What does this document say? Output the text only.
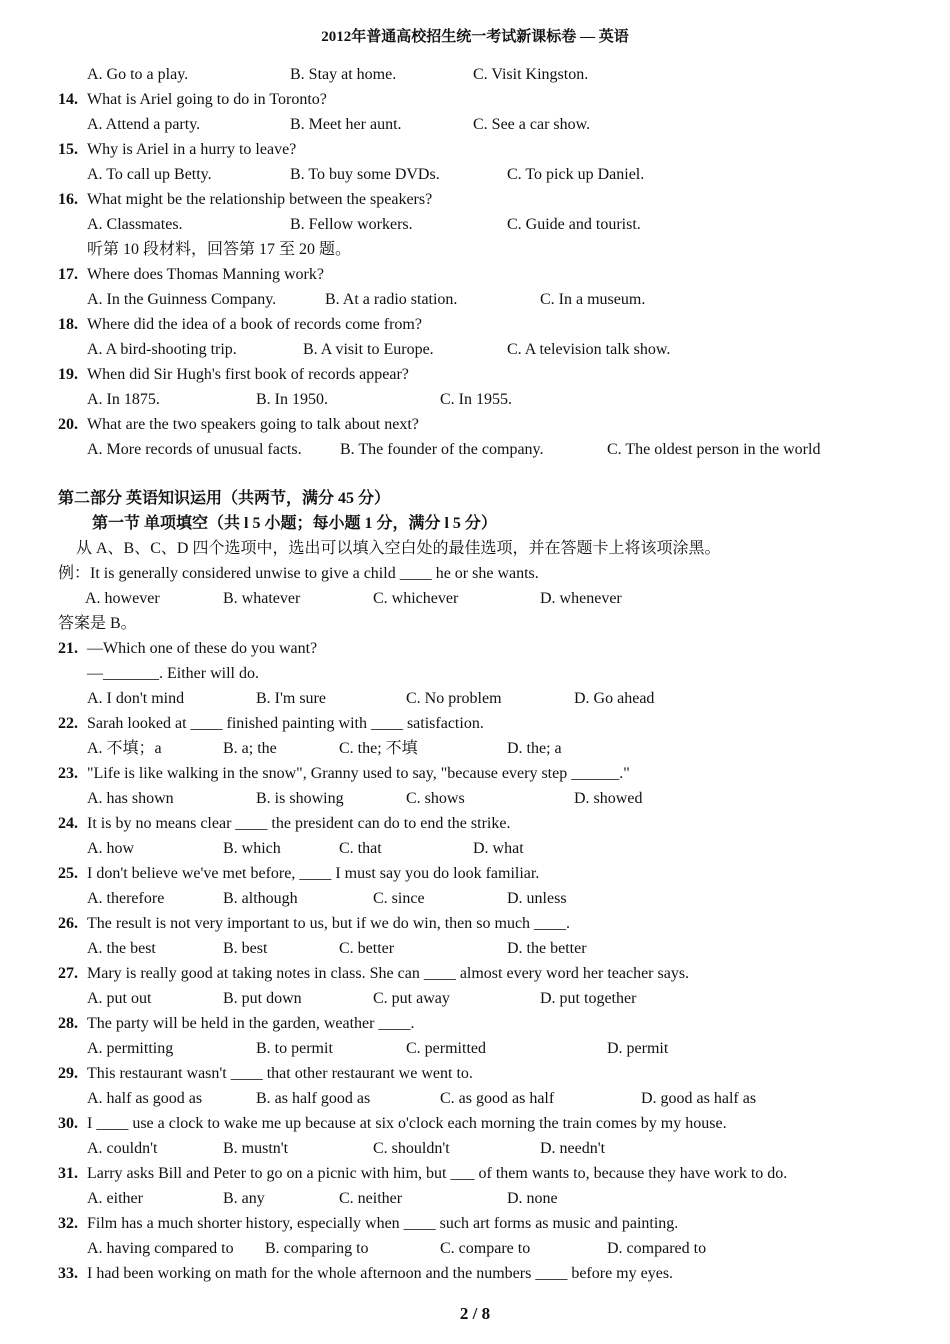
2012年普通高校招生统一考试新课标卷 — 英语
A. Go to a play.	B. Stay at home.	C. Visit Kingston.
14. What is Ariel going to do in Toronto?
A. Attend a party.	B. Meet her aunt.	C. See a car show.
15. Why is Ariel in a hurry to leave?
A. To call up Betty.	B. To buy some DVDs.	C. To pick up Daniel.
16. What might be the relationship between the speakers?
A. Classmates.	B. Fellow workers.	C. Guide and tourist.
听第 10 段材料，回答第 17 至 20 题。
17. Where does Thomas Manning work?
A. In the Guinness Company.	B. At a radio station.	C. In a museum.
18. Where did the idea of a book of records come from?
A. A bird-shooting trip.	B. A visit to Europe.	C. A television talk show.
19. When did Sir Hugh's first book of records appear?
A. In 1875.	B. In 1950.	C. In 1955.
20. What are the two speakers going to talk about next?
A. More records of unusual facts. B. The founder of the company.	C. The oldest person in the world
第二部分 英语知识运用（共两节，满分 45 分）
第一节 单项填空（共 l 5 小题；每小题 1 分，满分 l 5 分）
从 A、B、C、D 四个选项中，选出可以填入空白处的最佳选项，并在答题卡上将该项涂黑。
例：It is generally considered unwise to give a child ____ he or she wants.
A. however	B. whatever	C. whichever	D. whenever
答案是 B。
21. —Which one of these do you want?
—_______. Either will do.
A. I don't mind	B. I'm sure	C. No problem	D. Go ahead
22. Sarah looked at ____ finished painting with ____ satisfaction.
A. 不填；a	B. a; the	C. the; 不填	D. the; a
23. "Life is like walking in the snow", Granny used to say, "because every step ______."
A. has shown	B. is showing	C. shows	D. showed
24. It is by no means clear ____ the president can do to end the strike.
A. how	B. which	C. that	D. what
25. I don't believe we've met before, ____ I must say you do look familiar.
A. therefore	B. although	C. since	D. unless
26. The result is not very important to us, but if we do win, then so much ____.
A. the best	B. best	C. better	D. the better
27. Mary is really good at taking notes in class. She can ____ almost every word her teacher says.
A. put out	B. put down	C. put away	D. put together
28. The party will be held in the garden, weather ____.
A. permitting	B. to permit	C. permitted	D. permit
29. This restaurant wasn't ____ that other restaurant we went to.
A. half as good as	B. as half good as	C. as good as half	D. good as half as
30. I ____ use a clock to wake me up because at six o'clock each morning the train comes by my house.
A. couldn't	B. mustn't	C. shouldn't	D. needn't
31. Larry asks Bill and Peter to go on a picnic with him, but ___ of them wants to, because they have work to do.
A. either	B. any	C. neither	D. none
32. Film has a much shorter history, especially when ____ such art forms as music and painting.
A. having compared to B. comparing to	C. compare to	D. compared to
33. I had been working on math for the whole afternoon and the numbers ____ before my eyes.
2 / 8
